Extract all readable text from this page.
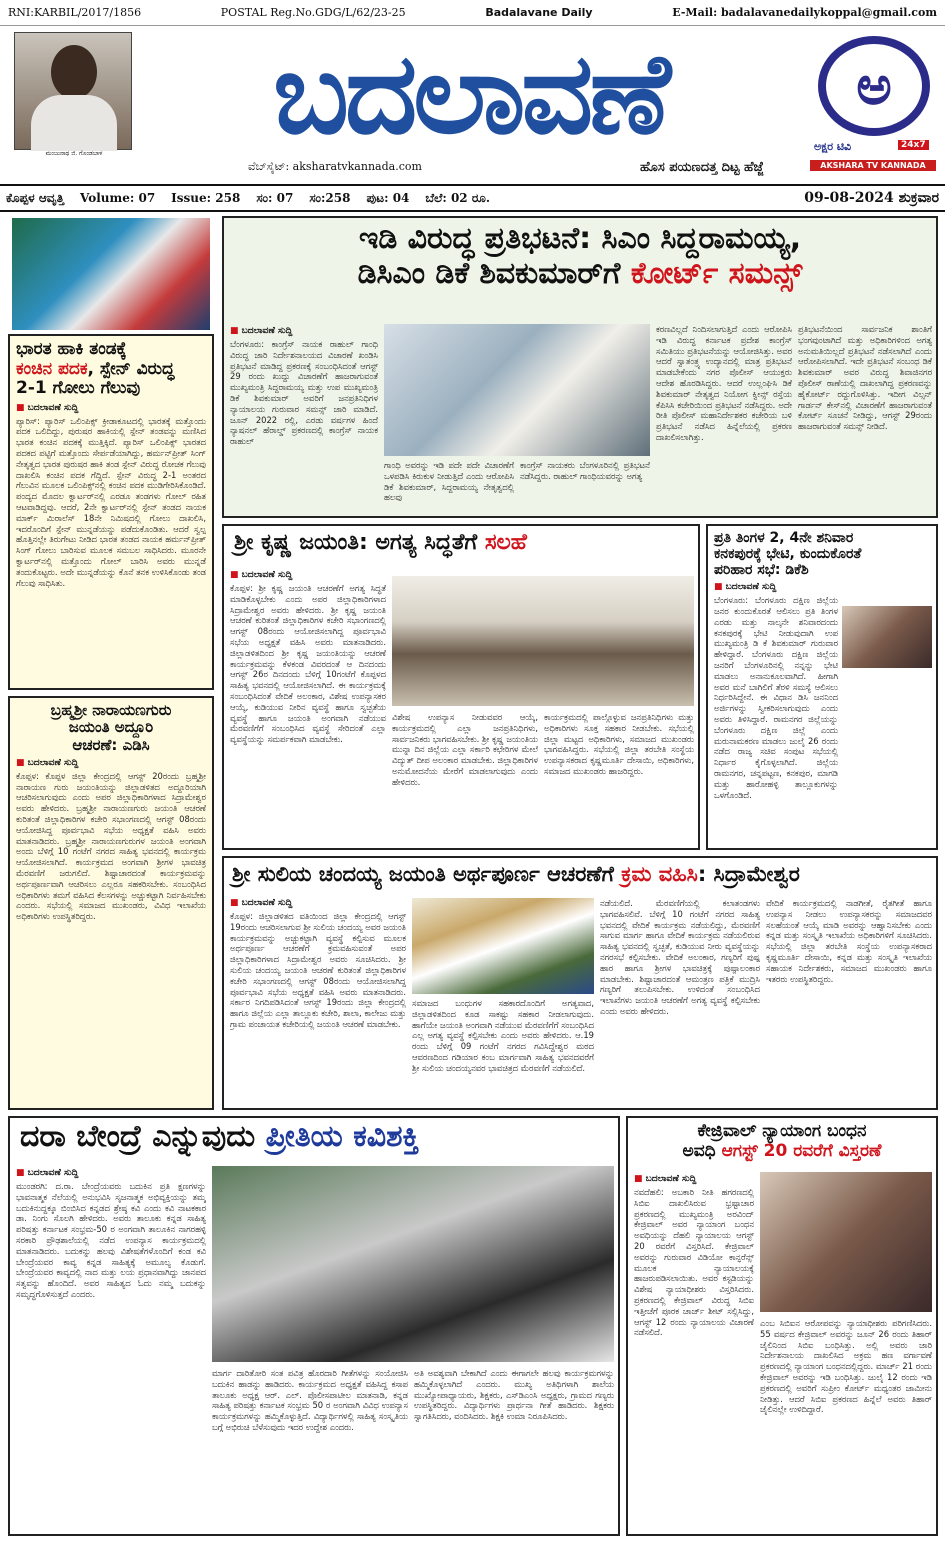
RNI:KARBIL/2017/1856	POSTAL Reg.No.GDG/L/62/23-25	Badalavane Daily	E-Mail: badalavanedailykoppal@gmail.com
ಮಂಜುನಾಥ ಜಿ. ಗೊಂಡಬಾಳ	ಬದಲಾವಣೆ
ವೆಬ್‌ಸೈಟ್: aksharatvkannada.com	ಹೊಸ ಪಯಣದತ್ತ ದಿಟ್ಟ ಹೆಜ್ಜೆ
ಅ
ಅಕ್ಷರ ಟಿವಿ	24x7
AKSHARA TV KANNADA
ಕೊಪ್ಪಳ ಆವೃತ್ತಿ Volume: 07 Issue: 258 ಸಂ: 07 ಸಂ:258 ಪುಟ: 04 ಬೆಲೆ: 02 ರೂ.	09-08-2024 ಶುಕ್ರವಾರ
ಭಾರತ ಹಾಕಿ ತಂಡಕ್ಕೆ
ಕಂಚಿನ ಪದಕ, ಸ್ಪೇನ್ ವಿರುದ್ಧ
2-1 ಗೋಲು ಗೆಲುವು
■ ಬದಲಾವಣೆ ಸುದ್ದಿ
ಪ್ಯಾರಿಸ್: ಪ್ಯಾರಿಸ್ ಒಲಿಂಪಿಕ್ಸ್ ಕ್ರೀಡಾಕೂಟದಲ್ಲಿ ಭಾರತಕ್ಕೆ ಮತ್ತೊಂದು ಪದಕ ಒಲಿದಿದ್ದು, ಪುರುಷರ ಹಾಕಿಯಲ್ಲಿ ಸ್ಪೇನ್ ತಂಡವನ್ನು ಮಣಿಸಿದ ಭಾರತ ಕಂಚಿನ ಪದಕಕ್ಕೆ ಮುತ್ತಿಕ್ಕಿದೆ. ಪ್ಯಾರಿಸ್ ಒಲಿಂಪಿಕ್ಸ್ ಭಾರತದ ಪದಕದ ಪಟ್ಟಿಗೆ ಮತ್ತೊಂದು ಸೇರ್ಪಡೆಯಾಗಿದ್ದು, ಹರ್ಮನ್‌ಪ್ರೀತ್ ಸಿಂಗ್ ನೇತೃತ್ವದ ಭಾರತ ಪುರುಷರ ಹಾಕಿ ತಂಡ ಸ್ಪೇನ್ ವಿರುದ್ಧ ರೋಚಕ ಗೆಲುವು ದಾಖಲಿಸಿ ಕಂಚಿನ ಪದಕ ಗೆದ್ದಿದೆ. ಸ್ಪೇನ್ ವಿರುದ್ಧ 2-1 ಅಂತರದ ಗೆಲುವಿನ ಮೂಲಕ ಒಲಿಂಪಿಕ್ಸ್‌ನಲ್ಲಿ ಕಂಚಿನ ಪದಕ ಮುಡಿಗೇರಿಸಿಕೊಂಡಿದೆ. ಪಂದ್ಯದ ಮೊದಲ ಕ್ವಾರ್ಟರ್‌ನಲ್ಲಿ ಎರಡೂ ತಂಡಗಳು ಗೋಲ್ ರಹಿತ ಆಟವಾಡಿದ್ದವು. ಆದರೆ, 2ನೇ ಕ್ವಾರ್ಟರ್‌ನಲ್ಲಿ ಸ್ಪೇನ್ ತಂಡದ ನಾಯಕ ಮಾರ್ಕ್ ಮಿರಾಲೆಸ್ 18ನೇ ನಿಮಿಷದಲ್ಲಿ ಗೋಲು ದಾಖಲಿಸಿ, ಇದರೊಂದಿಗೆ ಸ್ಪೇನ್ ಮುನ್ನಡೆಯನ್ನು ಪಡೆದುಕೊಂಡಿತು. ಆದರೆ ಸ್ವಲ್ಪ ಹೊತ್ತಿನಲ್ಲೇ ತಿರುಗೇಟು ನೀಡಿದ ಭಾರತ ತಂಡದ ನಾಯಕ ಹರ್ಮನ್‌ಪ್ರೀತ್ ಸಿಂಗ್ ಗೋಲು ಬಾರಿಸುವ ಮೂಲಕ ಸಮಬಲ ಸಾಧಿಸಿದರು. ಮೂರನೇ ಕ್ವಾರ್ಟರ್‌ನಲ್ಲಿ ಮತ್ತೊಂದು ಗೋಲ್ ಬಾರಿಸಿ ಅವರು ಮುನ್ನಡೆ ತಂದುಕೊಟ್ಟರು. ಅದೇ ಮುನ್ನಡೆಯನ್ನು ಕೊನೆ ತನಕ ಉಳಿಸಿಕೊಂಡು ತಂಡ ಗೆಲುವು ಸಾಧಿಸಿತು.
ಬ್ರಹ್ಮಶ್ರೀ ನಾರಾಯಣಗುರು
ಜಯಂತಿ ಅದ್ದೂರಿ
ಆಚರಣೆ: ಎಡಿಸಿ
■ ಬದಲಾವಣೆ ಸುದ್ದಿ
ಕೊಪ್ಪಳ: ಕೊಪ್ಪಳ ಜಿಲ್ಲಾ ಕೇಂದ್ರದಲ್ಲಿ ಆಗಸ್ಟ್ 20ರಂದು ಬ್ರಹ್ಮಶ್ರೀ ನಾರಾಯಣ ಗುರು ಜಯಂತಿಯನ್ನು ಜಿಲ್ಲಾಡಳಿತದ ಅದ್ದೂರಿಯಾಗಿ ಆಚರಿಸಲಾಗುವುದು ಎಂದು ಅಪರ ಜಿಲ್ಲಾಧಿಕಾರಿಗಳಾದ ಸಿದ್ರಾಮೇಶ್ವರ ಅವರು ಹೇಳಿದರು. ಬ್ರಹ್ಮಶ್ರೀ ನಾರಾಯಣಗುರು ಜಯಂತಿ ಆಚರಣೆ ಕುರಿತಂತೆ ಜಿಲ್ಲಾಧಿಕಾರಿಗಳ ಕಚೇರಿ ಸಭಾಂಗಣದಲ್ಲಿ ಆಗಸ್ಟ್ 08ರಂದು ಆಯೋಜಿಸಿದ್ದ ಪೂರ್ವಭಾವಿ ಸಭೆಯ ಅಧ್ಯಕ್ಷತೆ ವಹಿಸಿ ಅವರು ಮಾತನಾಡಿದರು. ಬ್ರಹ್ಮಶ್ರೀ ನಾರಾಯಣಗುರುಗಳ ಜಯಂತಿ ಅಂಗವಾಗಿ ಅಂದು ಬೆಳಿಗ್ಗೆ 10 ಗಂಟೆಗೆ ನಗರದ ಸಾಹಿತ್ಯ ಭವನದಲ್ಲಿ ಕಾರ್ಯಕ್ರಮ ಆಯೋಜಿಸಲಾಗಿದೆ. ಕಾರ್ಯಕ್ರಮದ ಅಂಗವಾಗಿ ಶ್ರೀಗಳ ಭಾವಚಿತ್ರ ಮೆರವಣಿಗೆ ಜರುಗಲಿದೆ. ಶಿಷ್ಟಾಚಾರದಂತೆ ಕಾರ್ಯಕ್ರಮವನ್ನು ಅರ್ಥಪೂರ್ಣವಾಗಿ ಆಚರಿಸಲು ಎಲ್ಲರೂ ಸಹಕರಿಸಬೇಕು. ಸಂಬಂಧಿಸಿದ ಅಧಿಕಾರಿಗಳು ತಮಗೆ ವಹಿಸಿದ ಕೆಲಸಗಳನ್ನು ಅಚ್ಚುಕಟ್ಟಾಗಿ ನಿರ್ವಹಿಸಬೇಕು ಎಂದರು. ಸಭೆಯಲ್ಲಿ ಸಮಾಜದ ಮುಖಂಡರು, ವಿವಿಧ ಇಲಾಖೆಯ ಅಧಿಕಾರಿಗಳು ಉಪಸ್ಥಿತರಿದ್ದರು.
ಇಡಿ ವಿರುದ್ಧ ಪ್ರತಿಭಟನೆ: ಸಿಎಂ ಸಿದ್ದರಾಮಯ್ಯ,
ಡಿಸಿಎಂ ಡಿಕೆ ಶಿವಕುಮಾರ್‌ಗೆ ಕೋರ್ಟ್ ಸಮನ್ಸ್
■ ಬದಲಾವಣೆ ಸುದ್ದಿ
ಬೆಂಗಳೂರು: ಕಾಂಗ್ರೆಸ್ ನಾಯಕ ರಾಹುಲ್ ಗಾಂಧಿ ವಿರುದ್ಧ ಜಾರಿ ನಿರ್ದೇಶನಾಲಯದ ವಿಚಾರಣೆ ಖಂಡಿಸಿ ಪ್ರತಿಭಟನೆ ಮಾಡಿದ್ದ ಪ್ರಕರಣಕ್ಕೆ ಸಂಬಂಧಿಸಿದಂತೆ ಆಗಸ್ಟ್ 29 ರಂದು ಖುದ್ದು ವಿಚಾರಣೆಗೆ ಹಾಜರಾಗುವಂತೆ ಮುಖ್ಯಮಂತ್ರಿ ಸಿದ್ದರಾಮಯ್ಯ ಮತ್ತು ಉಪ ಮುಖ್ಯಮಂತ್ರಿ ಡಿಕೆ ಶಿವಕುಮಾರ್ ಅವರಿಗೆ ಜನಪ್ರತಿನಿಧಿಗಳ ನ್ಯಾಯಾಲಯ ಗುರುವಾರ ಸಮನ್ಸ್ ಜಾರಿ ಮಾಡಿದೆ. ಜೂನ್ 2022 ರಲ್ಲಿ, ಎರಡು ವರ್ಷಗಳ ಹಿಂದೆ ನ್ಯಾಷನಲ್ ಹೆರಾಲ್ಡ್ ಪ್ರಕರಣದಲ್ಲಿ ಕಾಂಗ್ರೆಸ್ ನಾಯಕ ರಾಹುಲ್
ಗಾಂಧಿ ಅವರನ್ನು ಇಡಿ ಪದೇ ಪದೇ ವಿಚಾರಣೆಗೆ ಒಳಪಡಿಸಿ ಕಿರುಕುಳ ನೀಡುತ್ತಿದೆ ಎಂದು ಆರೋಪಿಸಿ ಡಿಕೆ ಶಿವಕುಮಾರ್, ಸಿದ್ದರಾಮಯ್ಯ ನೇತೃತ್ವದಲ್ಲಿ ಹಲವು
ಕಾಂಗ್ರೆಸ್ ನಾಯಕರು ಬೆಂಗಳೂರಿನಲ್ಲಿ ಪ್ರತಿಭಟನೆ ನಡೆಸಿದ್ದರು. ರಾಹುಲ್ ಗಾಂಧಿಯವರನ್ನು ಅಗತ್ಯ
ಕರಣವಿಲ್ಲದೆ ನಿಂದಿಸಲಾಗುತ್ತಿದೆ ಎಂದು ಆರೋಪಿಸಿ ಇಡಿ ವಿರುದ್ಧ ಕರ್ನಾಟಕ ಪ್ರದೇಶ ಕಾಂಗ್ರೆಸ್ ಸಮಿತಿಯು ಪ್ರತಿಭಟನೆಯನ್ನು ಆಯೋಜಿಸಿತ್ತು. ಅವರ ಆದರೆ ಸ್ವಾತಂತ್ರ್ಯ ಉದ್ಯಾನದಲ್ಲಿ ಮಾತ್ರ ಪ್ರತಿಭಟನೆ ಮಾಡಬೇಕೆಂದು ನಗರ ಪೊಲೀಸ್ ಆಯುಕ್ತರು ಆದೇಶ ಹೊರಡಿಸಿದ್ದರು. ಆದರೆ ಉಲ್ಲಂಘಿಸಿ ಡಿಕೆ ಶಿವಕುಮಾರ್ ನೇತೃತ್ವದ ನಿಯೋಗ ಕ್ವೀನ್ಸ್ ರಸ್ತೆಯ ಕೆಪಿಸಿಸಿ ಕಚೇರಿಯಿಂದ ಪ್ರತಿಭಟನೆ ನಡೆಸಿದ್ದರು. ಅದೇ ರೀತಿ ಪೊಲೀಸ್ ಮಹಾನಿರ್ದೇಶಕರ ಕಚೇರಿಯ ಬಳಿ ಪ್ರತಿಭಟನೆ ನಡೆಸಿದ ಹಿನ್ನೆಲೆಯಲ್ಲಿ ಪ್ರಕರಣ ದಾಖಲಿಸಲಾಗಿತ್ತು.
ಪ್ರತಿಭಟನೆಯಿಂದ ಸಾರ್ವಜನಿಕ ಶಾಂತಿಗೆ ಭಂಗವುಂಟಾಗಿದೆ ಮತ್ತು ಅಧಿಕಾರಿಗಳಿಂದ ಅಗತ್ಯ ಅನುಮತಿಯಿಲ್ಲದೆ ಪ್ರತಿಭಟನೆ ನಡೆಸಲಾಗಿದೆ ಎಂದು ಆರೋಪಿಸಲಾಗಿದೆ. ಇದೇ ಪ್ರತಿಭಟನೆ ಸಂಬಂಧ ಡಿಕೆ ಶಿವಕುಮಾರ್ ಅವರ ವಿರುದ್ಧ ಶಿವಾಜಿನಗರ ಪೊಲೀಸ್ ಠಾಣೆಯಲ್ಲಿ ದಾಖಲಾಗಿದ್ದ ಪ್ರಕರಣವನ್ನು ಹೈಕೋರ್ಟ್ ರದ್ದುಗೊಳಿಸಿತ್ತು. ಇದೀಗ ವಿಲ್ಸನ್ ಗಾರ್ಡನ್ ಕೇಸ್‌ನಲ್ಲಿ ವಿಚಾರಣೆಗೆ ಹಾಜರಾಗುವಂತೆ ಕೋರ್ಟ್ ಸೂಚನೆ ನೀಡಿದ್ದು, ಆಗಸ್ಟ್ 29ರಂದು ಹಾಜರಾಗುವಂತೆ ಸಮನ್ಸ್ ನೀಡಿದೆ.
ಶ್ರೀ ಕೃಷ್ಣ ಜಯಂತಿ: ಅಗತ್ಯ ಸಿದ್ಧತೆಗೆ ಸಲಹೆ
■ ಬದಲಾವಣೆ ಸುದ್ದಿ
ಕೊಪ್ಪಳ: ಶ್ರೀ ಕೃಷ್ಣ ಜಯಂತಿ ಆಚರಣೆಗೆ ಅಗತ್ಯ ಸಿದ್ಧತೆ ಮಾಡಿಕೊಳ್ಳಬೇಕು ಎಂದು ಅಪರ ಜಿಲ್ಲಾಧಿಕಾರಿಗಳಾದ ಸಿದ್ರಾಮೇಶ್ವರ ಅವರು ಹೇಳಿದರು. ಶ್ರೀ ಕೃಷ್ಣ ಜಯಂತಿ ಆಚರಣೆ ಕುರಿತಂತೆ ಜಿಲ್ಲಾಧಿಕಾರಿಗಳ ಕಚೇರಿ ಸಭಾಂಗಣದಲ್ಲಿ ಆಗಸ್ಟ್ 08ರಂದು ಆಯೋಜಿಸಲಾಗಿದ್ದ ಪೂರ್ವಭಾವಿ ಸಭೆಯ ಅಧ್ಯಕ್ಷತೆ ವಹಿಸಿ ಅವರು ಮಾತನಾಡಿದರು. ಜಿಲ್ಲಾಡಳಿತದಿಂದ ಶ್ರೀ ಕೃಷ್ಣ ಜಯಂತಿಯನ್ನು ಆಚರಣೆ ಕಾರ್ಯಕ್ರಮವನ್ನು ಕೆಳಕಂಡ ವಿವರದಂತೆ ಆ ದಿನದಂದು ಆಗಸ್ಟ್ 26ರ ದಿನದಂದು ಬೆಳಿಗ್ಗೆ 10ಗಂಟೆಗೆ ಕೊಪ್ಪಳದ ಸಾಹಿತ್ಯ ಭವನದಲ್ಲಿ ಆಯೋಜಿಸಲಾಗಿದೆ. ಈ ಕಾರ್ಯಕ್ರಮಕ್ಕೆ ಸಂಬಂಧಿಸಿದಂತೆ ವೇದಿಕೆ ಅಲಂಕಾರ, ವಿಶೇಷ ಉಪನ್ಯಾಸಕರ ಆಯ್ಕೆ, ಕುಡಿಯುವ ನೀರಿನ ವ್ಯವಸ್ಥೆ ಹಾಗೂ ಸ್ವಚ್ಛತೆಯ ವ್ಯವಸ್ಥೆ ಹಾಗೂ ಜಯಂತಿ ಅಂಗವಾಗಿ ನಡೆಯುವ ಮೆರವಣಿಗೆಗೆ ಸಂಬಂಧಿಸಿದ ವ್ಯವಸ್ಥೆ ಸೇರಿದಂತೆ ಎಲ್ಲಾ ವ್ಯವಸ್ಥೆಯನ್ನು ಸಮರ್ಪಕವಾಗಿ ಮಾಡಬೇಕು.
ವಿಶೇಷ ಉಪನ್ಯಾಸ ನೀಡುವವರ ಆಯ್ಕೆ, ಕಾರ್ಯಕ್ರಮದಲ್ಲಿ ಎಲ್ಲಾ ಜನಪ್ರತಿನಿಧಿಗಳು, ಸಾರ್ವಜನಿಕರು ಭಾಗವಹಿಸಬೇಕು. ಶ್ರೀ ಕೃಷ್ಣ ಜಯಂತಿಯ ಮುನ್ನಾ ದಿನ ಜಿಲ್ಲೆಯ ಎಲ್ಲಾ ಸರ್ಕಾರಿ ಕಛೇರಿಗಳ ಮೇಲೆ ವಿದ್ಯುತ್ ದೀಪ ಅಲಂಕಾರ ಮಾಡಬೇಕು. ಜಿಲ್ಲಾಧಿಕಾರಿಗಳ ಅನುಮೋದನೆಯ ಮೇರೆಗೆ ಮಾಡಲಾಗುವುದು ಎಂದು ಹೇಳಿದರು.
ಕಾರ್ಯಕ್ರಮದಲ್ಲಿ ಪಾಲ್ಗೊಳ್ಳುವ ಜನಪ್ರತಿನಿಧಿಗಳು ಮತ್ತು ಅಧಿಕಾರಿಗಳು ಸೂಕ್ತ ಸಹಕಾರ ನೀಡಬೇಕು. ಸಭೆಯಲ್ಲಿ ಜಿಲ್ಲಾ ಮಟ್ಟದ ಅಧಿಕಾರಿಗಳು, ಸಮಾಜದ ಮುಖಂಡರು ಭಾಗವಹಿಸಿದ್ದರು. ಸಭೆಯಲ್ಲಿ ಜಿಲ್ಲಾ ತರಬೇತಿ ಸಂಸ್ಥೆಯ ಉಪನ್ಯಾಸಕರಾದ ಕೃಷ್ಣಮೂರ್ತಿ ದೇಸಾಯಿ, ಅಧಿಕಾರಿಗಳು, ಸಮಾಜದ ಮುಖಂಡರು ಹಾಜರಿದ್ದರು.
ಪ್ರತಿ ತಿಂಗಳ 2, 4ನೇ ಶನಿವಾರ
ಕನಕಪುರಕ್ಕೆ ಭೇಟಿ, ಕುಂದುಕೊರತೆ
ಪರಿಹಾರ ಸಭೆ: ಡಿಕೆಶಿ
■ ಬದಲಾವಣೆ ಸುದ್ದಿ
ಬೆಂಗಳೂರು: ಬೆಂಗಳೂರು ದಕ್ಷಿಣ ಜಿಲ್ಲೆಯ ಜನರ ಕುಂದುಕೊರತೆ ಆಲಿಸಲು ಪ್ರತಿ ತಿಂಗಳ ಎರಡು ಮತ್ತು ನಾಲ್ಕನೇ ಶನಿವಾರದಂದು ಕನಕಪುರಕ್ಕೆ ಭೇಟಿ ನೀಡುವುದಾಗಿ ಉಪ ಮುಖ್ಯಮಂತ್ರಿ ಡಿ ಕೆ ಶಿವಕುಮಾರ್ ಗುರುವಾರ ಹೇಳಿದ್ದಾರೆ. ಬೆಂಗಳೂರು ದಕ್ಷಿಣ ಜಿಲ್ಲೆಯ ಜನರಿಗೆ ಬೆಂಗಳೂರಿನಲ್ಲಿ ನನ್ನನ್ನು ಭೇಟಿ ಮಾಡಲು ಅನಾನುಕೂಲವಾಗಿದೆ. ಹೀಗಾಗಿ ಅವರ ಮನೆ ಬಾಗಿಲಿಗೆ ತೆರಳಿ ಸಮಸ್ಯೆ ಆಲಿಸಲು ನಿರ್ಧರಿಸಿದ್ದೇನೆ. ಈ ವಿಧಾನ ಡಿಸಿ ಜನನಿಂದ ಅರ್ಜಿಗಳನ್ನು ಸ್ವೀಕರಿಸಲಾಗುವುದು ಎಂದು ಅವರು ತಿಳಿಸಿದ್ದಾರೆ. ರಾಮನಗರ ಜಿಲ್ಲೆಯನ್ನು ಬೆಂಗಳೂರು ದಕ್ಷಿಣ ಜಿಲ್ಲೆ ಎಂದು ಮರುನಾಮಕರಣ ಮಾಡಲು ಜುಲೈ 26 ರಂದು ನಡೆದ ರಾಜ್ಯ ಸಚಿವ ಸಂಪುಟ ಸಭೆಯಲ್ಲಿ ನಿರ್ಧಾರ ಕೈಗೊಳ್ಳಲಾಗಿದೆ. ಜಿಲ್ಲೆಯ ರಾಮನಗರ, ಚನ್ನಪಟ್ಟಣ, ಕನಕಪುರ, ಮಾಗಡಿ ಮತ್ತು ಹಾರೋಹಳ್ಳಿ ತಾಲ್ಲೂಕುಗಳನ್ನು ಒಳಗೊಂಡಿದೆ.
ಶ್ರೀ ಸುಲಿಯ ಚಂದಯ್ಯ ಜಯಂತಿ ಅರ್ಥಪೂರ್ಣ ಆಚರಣೆಗೆ ಕ್ರಮ ವಹಿಸಿ: ಸಿದ್ರಾಮೇಶ್ವರ
■ ಬದಲಾವಣೆ ಸುದ್ದಿ
ಕೊಪ್ಪಳ: ಜಿಲ್ಲಾಡಳಿತದ ವತಿಯಿಂದ ಜಿಲ್ಲಾ ಕೇಂದ್ರದಲ್ಲಿ ಆಗಸ್ಟ್ 19ರಂದು ಆಚರಿಸಲಾಗುವ ಶ್ರೀ ಸುಲಿಯ ಚಂದಯ್ಯ ಅವರ ಜಯಂತಿ ಕಾರ್ಯಕ್ರಮವನ್ನು ಅಚ್ಚುಕಟ್ಟಾಗಿ ವ್ಯವಸ್ಥೆ ಕಲ್ಪಿಸುವ ಮೂಲಕ ಅರ್ಥಪೂರ್ಣ ಆಚರಣೆಗೆ ಕ್ರಮವಹಿಸುವಂತೆ ಅಪರ ಜಿಲ್ಲಾಧಿಕಾರಿಗಳಾದ ಸಿದ್ರಾಮೇಶ್ವರ ಅವರು ಸೂಚಿಸಿದರು. ಶ್ರೀ ಸುಲಿಯ ಚಂದಯ್ಯ ಜಯಂತಿ ಆಚರಣೆ ಕುರಿತಂತೆ ಜಿಲ್ಲಾಧಿಕಾರಿಗಳ ಕಚೇರಿ ಸಭಾಂಗಣದಲ್ಲಿ ಆಗಸ್ಟ್ 08ರಂದು ಆಯೋಜಿಸಲಾಗಿದ್ದ ಪೂರ್ವಭಾವಿ ಸಭೆಯ ಅಧ್ಯಕ್ಷತೆ ವಹಿಸಿ ಅವರು ಮಾತನಾಡಿದರು. ಸರ್ಕಾರ ನಿಗದಿಪಡಿಸಿದಂತೆ ಆಗಸ್ಟ್ 19ರಂದು ಜಿಲ್ಲಾ ಕೇಂದ್ರದಲ್ಲಿ ಹಾಗೂ ಜಿಲ್ಲೆಯ ಎಲ್ಲಾ ತಾಲ್ಲೂಕು ಕಚೇರಿ, ಶಾಲಾ, ಕಾಲೇಜು ಮತ್ತು ಗ್ರಾಮ ಪಂಚಾಯತ ಕಚೇರಿಯಲ್ಲಿ ಜಯಂತಿ ಆಚರಣೆ ಮಾಡಬೇಕು.
ಸಮಾಜದ ಬಂಧುಗಳ ಸಹಕಾರದೊಂದಿಗೆ ಅಗತ್ಯವಾದ, ಜಿಲ್ಲಾಡಳಿತದಿಂದ ಕೂಡ ಸಾಕಷ್ಟು ಸಹಕಾರ ನೀಡಲಾಗುವುದು. ಹಾಗೆಯೇ ಜಯಂತಿ ಅಂಗವಾಗಿ ನಡೆಯುವ ಮೆರವಣಿಗೆಗೆ ಸಂಬಂಧಿಸಿದ ಎಲ್ಲ ಅಗತ್ಯ ವ್ಯವಸ್ಥೆ ಕಲ್ಪಿಸಬೇಕು ಎಂದು ಅವರು ಹೇಳಿದರು. ಆ.19 ರಂದು ಬೆಳಿಗ್ಗೆ 09 ಗಂಟೆಗೆ ನಗರದ ಗವಿಸಿದ್ದೇಶ್ವರ ಮಠದ ಆವರಣದಿಂದ ಗಡಿಯಾರ ಕಂಬ ಮಾರ್ಗವಾಗಿ ಸಾಹಿತ್ಯ ಭವನದವರೆಗೆ ಶ್ರೀ ಸುಲಿಯ ಚಂದಯ್ಯನವರ ಭಾವಚಿತ್ರದ ಮೆರವಣಿಗೆ ನಡೆಯಲಿದೆ.
ನಡೆಯಲಿದೆ. ಮೆರವಣಿಗೆಯಲ್ಲಿ ಕಲಾತಂಡಗಳು ಭಾಗವಹಿಸಲಿವೆ. ಬೆಳಿಗ್ಗೆ 10 ಗಂಟೆಗೆ ನಗರದ ಸಾಹಿತ್ಯ ಭವನದಲ್ಲಿ ವೇದಿಕೆ ಕಾರ್ಯಕ್ರಮ ನಡೆಯಲಿದ್ದು, ಮೆರವಣಿಗೆ ಸಾಗುವ ಮಾರ್ಗ ಹಾಗೂ ವೇದಿಕೆ ಕಾರ್ಯಕ್ರಮ ನಡೆಯಲಿರುವ ಸಾಹಿತ್ಯ ಭವನದಲ್ಲಿ ಸ್ವಚ್ಛತೆ, ಕುಡಿಯುವ ನೀರು ವ್ಯವಸ್ಥೆಯನ್ನು ನಗರಸಭೆ ಕಲ್ಪಿಸಬೇಕು. ವೇದಿಕೆ ಅಲಂಕಾರ, ಗಣ್ಯರಿಗೆ ಪುಷ್ಪ ಹಾರ ಹಾಗೂ ಶ್ರೀಗಳ ಭಾವಚಿತ್ರಕ್ಕೆ ಪುಷ್ಪಾಲಂಕಾರ ಮಾಡಬೇಕು. ಶಿಷ್ಟಾಚಾರದಂತೆ ಆಮಂತ್ರಣ ಪತ್ರಿಕೆ ಮುದ್ರಿಸಿ ಗಣ್ಯರಿಗೆ ತಲುಪಿಸಬೇಕು. ಉಳಿದಂತೆ ಸಂಬಂಧಿಸಿದ ಇಲಾಖೆಗಳು ಜಯಂತಿ ಆಚರಣೆಗೆ ಅಗತ್ಯ ವ್ಯವಸ್ಥೆ ಕಲ್ಪಿಸಬೇಕು ಎಂದು ಅವರು ಹೇಳಿದರು.
ವೇದಿಕೆ ಕಾರ್ಯಕ್ರಮದಲ್ಲಿ ನಾಡಗೀತೆ, ರೈತಗೀತೆ ಹಾಗೂ ಉಪನ್ಯಾಸ ನೀಡಲು ಉಪನ್ಯಾಸಕರನ್ನು ಸಮಾಜದವರ ಸಲಹೆಯಂತೆ ಆಯ್ಕೆ ಮಾಡಿ ಅವರನ್ನು ಆಹ್ವಾನಿಸಬೇಕು ಎಂದು ಕನ್ನಡ ಮತ್ತು ಸಂಸ್ಕೃತಿ ಇಲಾಖೆಯ ಅಧಿಕಾರಿಗಳಿಗೆ ಸೂಚಿಸಿದರು. ಸಭೆಯಲ್ಲಿ ಜಿಲ್ಲಾ ತರಬೇತಿ ಸಂಸ್ಥೆಯ ಉಪನ್ಯಾಸಕರಾದ ಕೃಷ್ಣಮೂರ್ತಿ ದೇಸಾಯಿ, ಕನ್ನಡ ಮತ್ತು ಸಂಸ್ಕೃತಿ ಇಲಾಖೆಯ ಸಹಾಯಕ ನಿರ್ದೇಶಕರು, ಸಮಾಜದ ಮುಖಂಡರು ಹಾಗೂ ಇತರರು ಉಪಸ್ಥಿತರಿದ್ದರು.
ದರಾ ಬೇಂದ್ರೆ ಎನ್ನುವುದು ಪ್ರೀತಿಯ ಕವಿಶಕ್ತಿ
■ ಬದಲಾವಣೆ ಸುದ್ದಿ
ಮುಂಡರಗಿ: ದ.ರಾ. ಬೇಂದ್ರೆಯವರು ಬದುಕಿನ ಪ್ರತಿ ಕ್ಷಣಗಳನ್ನು ಭಾವನಾತ್ಮಕ ನೆಲೆಯಲ್ಲಿ ಅನುಭವಿಸಿ ಸೃಜನಾತ್ಮಕ ಅಭಿವ್ಯಕ್ತಿಯನ್ನು ತಮ್ಮ ಬದುಕಿನುದ್ದಕ್ಕೂ ಬಿಂಬಿಸಿದ ಕನ್ನಡದ ಶ್ರೇಷ್ಠ ಕವಿ ಎಂದು ಕವಿ ನಾಟಕಕಾರ ಡಾ. ನಿಂಗು ಸೊಲಗಿ ಹೇಳಿದರು. ಅವರು ತಾಲೂಕು ಕನ್ನಡ ಸಾಹಿತ್ಯ ಪರಿಷತ್ತು ಕರ್ನಾಟಕ ಸಂಭ್ರಮ-50 ರ ಅಂಗವಾಗಿ ತಾಲೂಕಿನ ನಾಗರಹಳ್ಳಿ ಸರಕಾರಿ ಪ್ರೌಢಶಾಲೆಯಲ್ಲಿ ನಡೆದ ಉಪನ್ಯಾಸ ಕಾರ್ಯಕ್ರಮದಲ್ಲಿ ಮಾತನಾಡಿದರು. ಬದುಕನ್ನು ಹಲವು ವಿಶೇಷತೆಗಳೊಂದಿಗೆ ಕಂಡ ಕವಿ ಬೇಂದ್ರೆಯವರ ಕಾವ್ಯ ಕನ್ನಡ ಸಾಹಿತ್ಯಕ್ಕೆ ಅಮೂಲ್ಯ ಕೊಡುಗೆ. ಬೇಂದ್ರೆಯವರ ಕಾವ್ಯದಲ್ಲಿ ನಾದ ಮತ್ತು ಲಯ ಪ್ರಧಾನವಾಗಿದ್ದು ಜಾನಪದ ಸತ್ವವನ್ನು ಹೊಂದಿದೆ. ಅವರ ಸಾಹಿತ್ಯದ ಓದು ನಮ್ಮ ಬದುಕನ್ನು ಸಮೃದ್ಧಗೊಳಿಸುತ್ತದೆ ಎಂದರು.
ಮಾರ್ಗ ದಾರಿತೋರಿ ಸಂತ ಪವಿತ್ರ ಹೊರದಾರಿ ಗೀತೆಗಳನ್ನು ಸಂಯೋಜಿಸಿ ಬದುಕಿನ ಹಾಡನ್ನು ಹಾಡಿದರು. ಕಾರ್ಯಕ್ರಮದ ಅಧ್ಯಕ್ಷತೆ ವಹಿಸಿದ್ದ ಕಸಾಪ ತಾಲೂಕು ಅಧ್ಯಕ್ಷ ಆರ್. ಎಲ್. ಪೊಲೀಸಪಾಟೀಲ ಮಾತನಾಡಿ, ಕನ್ನಡ ಸಾಹಿತ್ಯ ಪರಿಷತ್ತು ಕರ್ನಾಟಕ ಸಂಭ್ರಮ 50 ರ ಅಂಗವಾಗಿ ವಿವಿಧ ಉಪನ್ಯಾಸ ಕಾರ್ಯಕ್ರಮಗಳನ್ನು ಹಮ್ಮಿಕೊಳ್ಳುತ್ತಿದೆ. ವಿದ್ಯಾರ್ಥಿಗಳಲ್ಲಿ ಸಾಹಿತ್ಯ ಸಂಸ್ಕೃತಿಯ ಬಗ್ಗೆ ಅಭಿರುಚಿ ಬೆಳೆಸುವುದು ಇದರ ಉದ್ದೇಶ ಎಂದರು.
ಅತಿ ಅವಶ್ಯವಾಗಿ ಬೇಕಾಗಿದೆ ಎಂದು ಈಗಾಗಲೇ ಹಲವು ಕಾರ್ಯಕ್ರಮಗಳನ್ನು ಹಮ್ಮಿಕೊಳ್ಳಲಾಗಿದೆ ಎಂದರು. ಮುಖ್ಯ ಅತಿಥಿಗಳಾಗಿ ಶಾಲೆಯ ಮುಖ್ಯೋಪಾಧ್ಯಾಯರು, ಶಿಕ್ಷಕರು, ಎಸ್‌ಡಿಎಂಸಿ ಅಧ್ಯಕ್ಷರು, ಗ್ರಾಮದ ಗಣ್ಯರು ಉಪಸ್ಥಿತರಿದ್ದರು. ವಿದ್ಯಾರ್ಥಿಗಳು ಪ್ರಾರ್ಥನಾ ಗೀತೆ ಹಾಡಿದರು. ಶಿಕ್ಷಕರು ಸ್ವಾಗತಿಸಿದರು, ವಂದಿಸಿದರು. ಶಿಕ್ಷಕಿ ಉಮಾ ನಿರೂಪಿಸಿದರು.
ಕೇಜ್ರಿವಾಲ್ ನ್ಯಾಯಾಂಗ ಬಂಧನ
ಅವಧಿ ಆಗಸ್ಟ್ 20 ರವರೆಗೆ ವಿಸ್ತರಣೆ
■ ಬದಲಾವಣೆ ಸುದ್ದಿ
ನವದೆಹಲಿ: ಅಬಕಾರಿ ನೀತಿ ಹಗರಣದಲ್ಲಿ ಸಿಬಿಐ ದಾಖಲಿಸಿರುವ ಭ್ರಷ್ಟಾಚಾರ ಪ್ರಕರಣದಲ್ಲಿ ಮುಖ್ಯಮಂತ್ರಿ ಅರವಿಂದ್ ಕೇಜ್ರಿವಾಲ್ ಅವರ ನ್ಯಾಯಾಂಗ ಬಂಧನ ಅವಧಿಯನ್ನು ದೆಹಲಿ ನ್ಯಾಯಾಲಯ ಆಗಸ್ಟ್ 20 ರವರೆಗೆ ವಿಸ್ತರಿಸಿದೆ. ಕೇಜ್ರಿವಾಲ್ ಅವರನ್ನು ಗುರುವಾರ ವಿಡಿಯೋ ಕಾನ್ಫರೆನ್ಸ್ ಮೂಲಕ ನ್ಯಾಯಾಲಯಕ್ಕೆ ಹಾಜರುಪಡಿಸಲಾಯಿತು. ಅವರ ಕಸ್ಟಡಿಯನ್ನು ವಿಶೇಷ ನ್ಯಾಯಾಧೀಶರು ವಿಸ್ತರಿಸಿದರು. ಪ್ರಕರಣದಲ್ಲಿ ಕೇಜ್ರಿವಾಲ್ ವಿರುದ್ಧ ಸಿಬಿಐ ಇತ್ತೀಚೆಗೆ ಪೂರಕ ಚಾರ್ಜ್ ಶೀಟ್ ಸಲ್ಲಿಸಿದ್ದು, ಆಗಸ್ಟ್ 12 ರಂದು ನ್ಯಾಯಾಲಯ ವಿಚಾರಣೆ ನಡೆಸಲಿದೆ.
ಎಂಬ ಸಿಬಿಐನ ಆರೋಪವನ್ನು ನ್ಯಾಯಾಧೀಶರು ಪರಿಗಣಿಸಿದರು. 55 ವರ್ಷದ ಕೇಜ್ರಿವಾಲ್ ಅವರನ್ನು ಜೂನ್ 26 ರಂದು ತಿಹಾರ್ ಜೈಲಿನಿಂದ ಸಿಬಿಐ ಬಂಧಿಸಿತ್ತು. ಅಲ್ಲಿ ಅವರು ಜಾರಿ ನಿರ್ದೇಶನಾಲಯ ದಾಖಲಿಸಿದ ಅಕ್ರಮ ಹಣ ವರ್ಗಾವಣೆ ಪ್ರಕರಣದಲ್ಲಿ ನ್ಯಾಯಾಂಗ ಬಂಧನದಲ್ಲಿದ್ದರು. ಮಾರ್ಚ್ 21 ರಂದು ಕೇಜ್ರಿವಾಲ್ ಅವರನ್ನು ಇಡಿ ಬಂಧಿಸಿತ್ತು. ಜುಲೈ 12 ರಂದು ಇಡಿ ಪ್ರಕರಣದಲ್ಲಿ ಅವರಿಗೆ ಸುಪ್ರೀಂ ಕೋರ್ಟ್ ಮಧ್ಯಂತರ ಜಾಮೀನು ನೀಡಿತ್ತು. ಆದರೆ ಸಿಬಿಐ ಪ್ರಕರಣದ ಹಿನ್ನೆಲೆ ಅವರು ತಿಹಾರ್ ಜೈಲಿನಲ್ಲೇ ಉಳಿದಿದ್ದಾರೆ.
